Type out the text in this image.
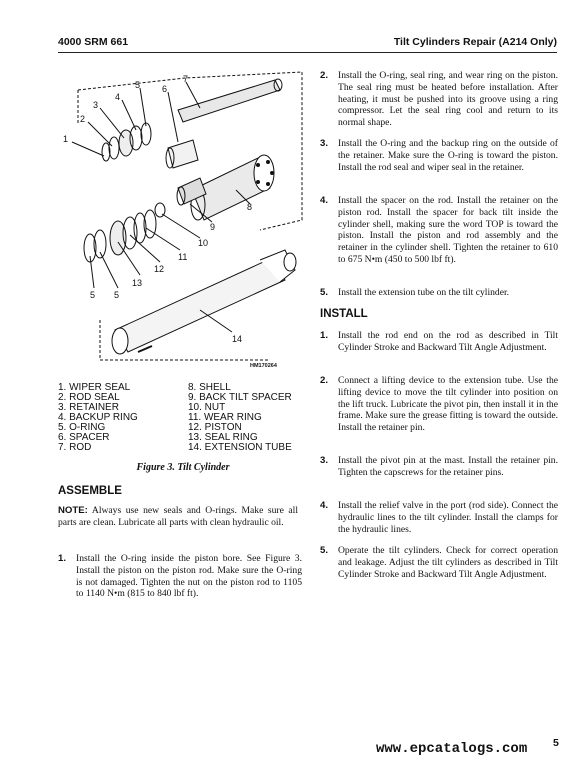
4000 SRM 661	Tilt Cylinders Repair (A214 Only)
1
2
3
4
5 6
7
8
9
10
11
12
13
5 5
14
HM170264
1. WIPER SEAL
2. ROD SEAL
3. RETAINER
4. BACKUP RING
5. O-RING
6. SPACER
7. ROD
8. SHELL
9. BACK TILT SPACER
10. NUT
11. WEAR RING
12. PISTON
13. SEAL RING
14. EXTENSION TUBE
Figure 3. Tilt Cylinder
ASSEMBLE
NOTE: Always use new seals and O-rings. Make sure all parts are clean. Lubricate all parts with clean hydraulic oil.
1. Install the O-ring inside the piston bore. See Figure 3. Install the piston on the piston rod. Make sure the O-ring is not damaged. Tighten the nut on the piston rod to 1105 to 1140 N•m (815 to 840 lbf ft).
2. Install the O-ring, seal ring, and wear ring on the piston. The seal ring must be heated before installation. After heating, it must be pushed into its groove using a ring compressor. Let the seal ring cool and return to its normal shape.
3. Install the O-ring and the backup ring on the outside of the retainer. Make sure the O-ring is toward the piston. Install the rod seal and wiper seal in the retainer.
4. Install the spacer on the rod. Install the retainer on the piston rod. Install the spacer for back tilt inside the cylinder shell, making sure the word TOP is toward the piston. Install the piston and rod assembly and the retainer in the cylinder shell. Tighten the retainer to 610 to 675 N•m (450 to 500 lbf ft).
5. Install the extension tube on the tilt cylinder.
INSTALL
1. Install the rod end on the rod as described in Tilt Cylinder Stroke and Backward Tilt Angle Adjustment.
2. Connect a lifting device to the extension tube. Use the lifting device to move the tilt cylinder into position on the lift truck. Lubricate the pivot pin, then install it in the frame. Make sure the grease fitting is toward the outside. Install the retainer pin.
3. Install the pivot pin at the mast. Install the retainer pin. Tighten the capscrews for the retainer pins.
4. Install the relief valve in the port (rod side). Connect the hydraulic lines to the tilt cylinder. Install the clamps for the hydraulic lines.
5. Operate the tilt cylinders. Check for correct operation and leakage. Adjust the tilt cylinders as described in Tilt Cylinder Stroke and Backward Tilt Angle Adjustment.
www.epcatalogs.com 5
